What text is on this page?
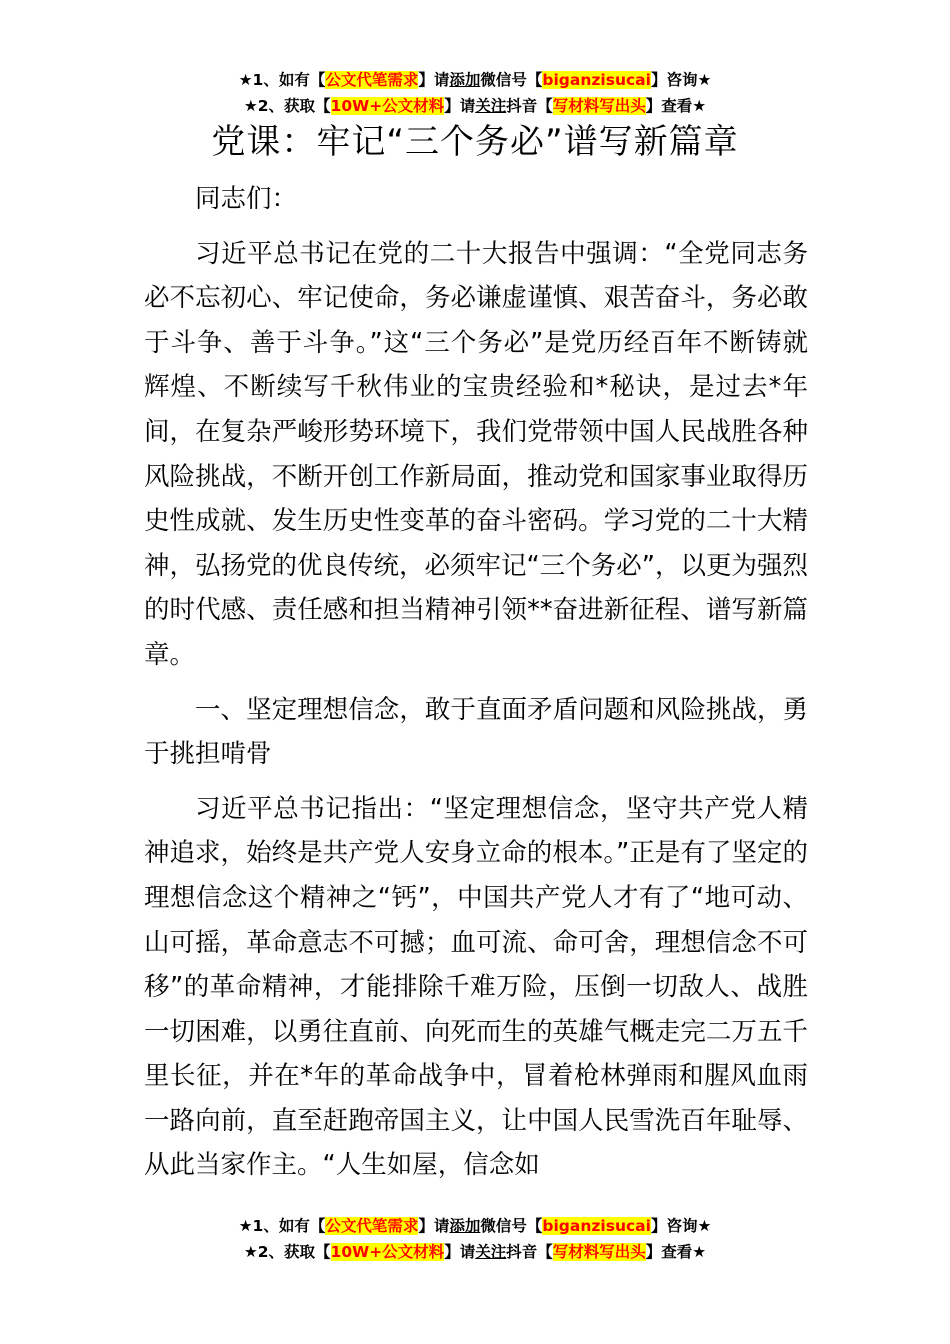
★1、如有【公文代笔需求】请添加微信号【biganzisucai】咨询★
★2、获取【10W+公文材料】请关注抖音【写材料写出头】查看★
党课：牢记“三个务必”谱写新篇章

同志们：

习近平总书记在党的二十大报告中强调：“全党同志务必不忘初心、牢记使命，务必谦虚谨慎、艰苦奋斗，务必敢于斗争、善于斗争。”这“三个务必”是党历经百年不断铸就辉煌、不断续写千秋伟业的宝贵经验和*秘诀，是过去*年间，在复杂严峻形势环境下，我们党带领中国人民战胜各种风险挑战，不断开创工作新局面，推动党和国家事业取得历史性成就、发生历史性变革的奋斗密码。学习党的二十大精神，弘扬党的优良传统，必须牢记“三个务必”，以更为强烈的时代感、责任感和担当精神引领**奋进新征程、谱写新篇章。

一、坚定理想信念，敢于直面矛盾问题和风险挑战，勇于挑担啃骨

习近平总书记指出：“坚定理想信念，坚守共产党人精神追求，始终是共产党人安身立命的根本。”正是有了坚定的理想信念这个精神之“钙”，中国共产党人才有了“地可动、山可摇，革命意志不可撼；血可流、命可舍，理想信念不可移”的革命精神，才能排除千难万险，压倒一切敌人、战胜一切困难，以勇往直前、向死而生的英雄气概走完二万五千里长征，并在*年的革命战争中，冒着枪林弹雨和腥风血雨一路向前，直至赶跑帝国主义，让中国人民雪洗百年耻辱、从此当家作主。“人生如屋，信念如

★1、如有【公文代笔需求】请添加微信号【biganzisucai】咨询★
★2、获取【10W+公文材料】请关注抖音【写材料写出头】查看★
